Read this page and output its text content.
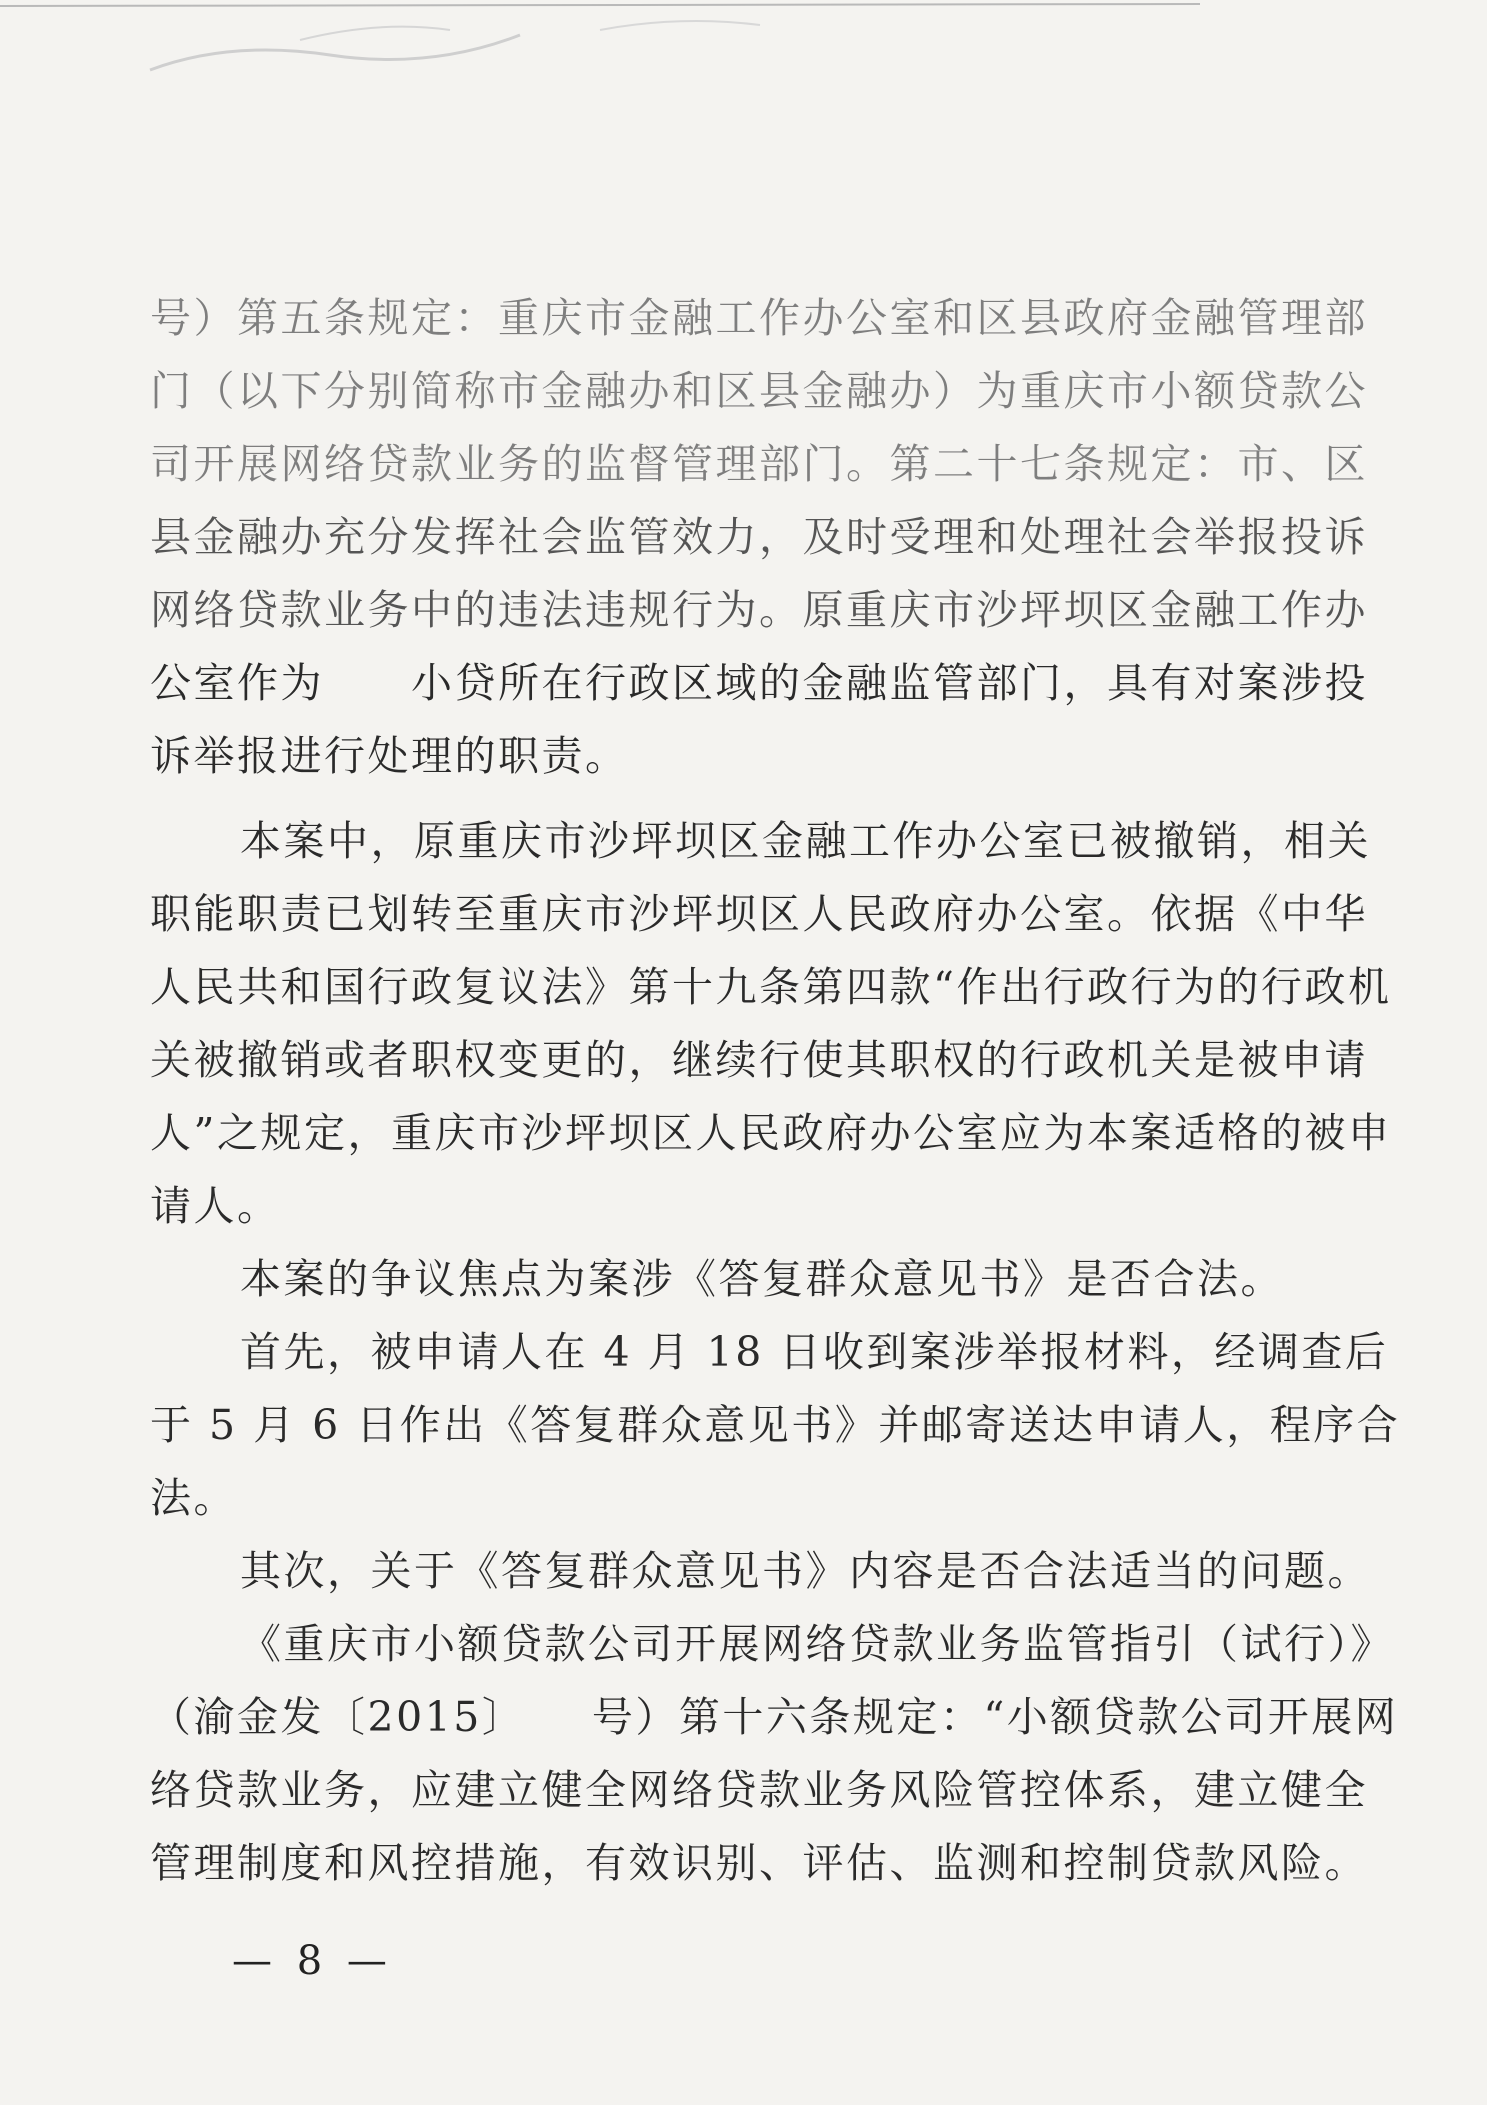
号）第五条规定：重庆市金融工作办公室和区县政府金融管理部
门（以下分别简称市金融办和区县金融办）为重庆市小额贷款公
司开展网络贷款业务的监督管理部门。第二十七条规定：市、区
县金融办充分发挥社会监管效力，及时受理和处理社会举报投诉
网络贷款业务中的违法违规行为。原重庆市沙坪坝区金融工作办
公室作为　　小贷所在行政区域的金融监管部门，具有对案涉投
诉举报进行处理的职责。
本案中，原重庆市沙坪坝区金融工作办公室已被撤销，相关
职能职责已划转至重庆市沙坪坝区人民政府办公室。依据《中华
人民共和国行政复议法》第十九条第四款“作出行政行为的行政机
关被撤销或者职权变更的，继续行使其职权的行政机关是被申请
人”之规定，重庆市沙坪坝区人民政府办公室应为本案适格的被申
请人。
本案的争议焦点为案涉《答复群众意见书》是否合法。
首先，被申请人在 4 月 18 日收到案涉举报材料，经调查后
于 5 月 6 日作出《答复群众意见书》并邮寄送达申请人，程序合
法。
其次，关于《答复群众意见书》内容是否合法适当的问题。
《重庆市小额贷款公司开展网络贷款业务监管指引（试行）》
（渝金发〔2015〕　　号）第十六条规定：“小额贷款公司开展网
络贷款业务，应建立健全网络贷款业务风险管控体系，建立健全
管理制度和风控措施，有效识别、评估、监测和控制贷款风险。
— 8 —
